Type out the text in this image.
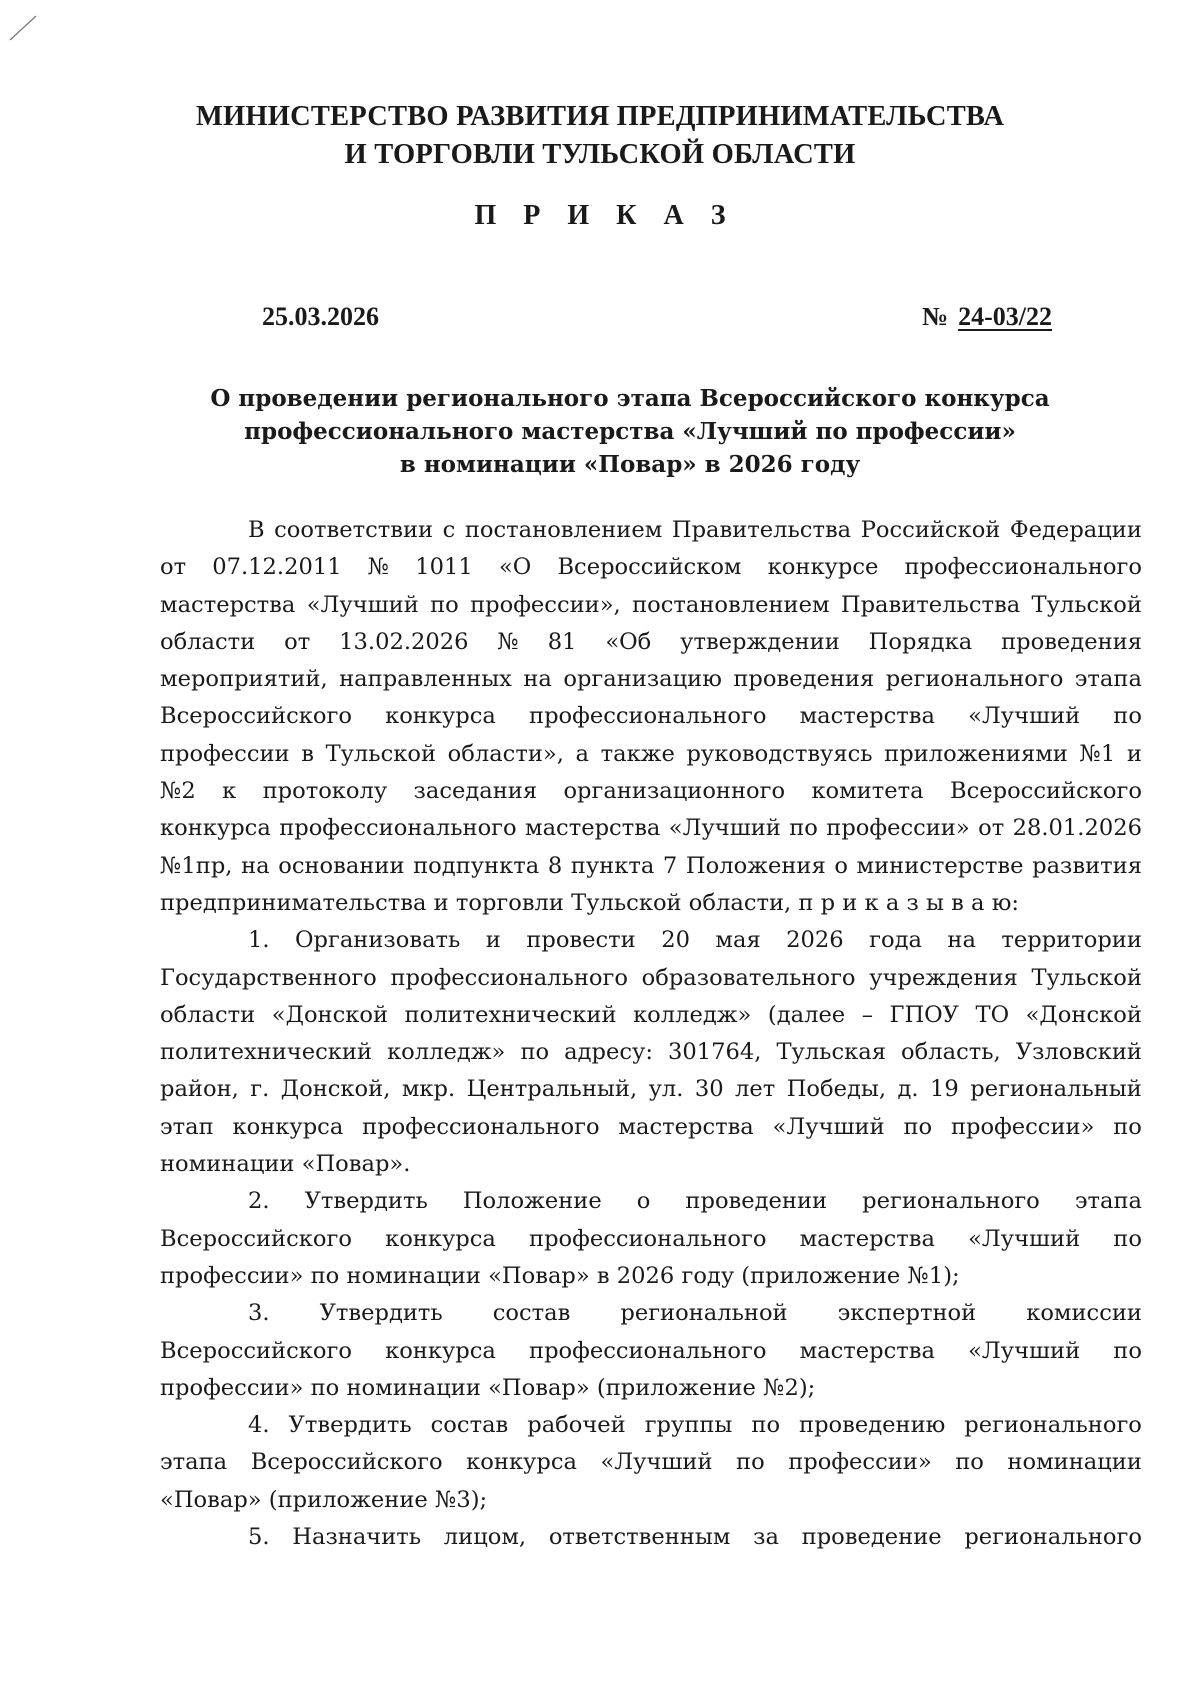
МИНИСТЕРСТВО РАЗВИТИЯ ПРЕДПРИНИМАТЕЛЬСТВА
И ТОРГОВЛИ ТУЛЬСКОЙ ОБЛАСТИ
П Р И К А З
25.03.2026	№ 24-03/22
О проведении регионального этапа Всероссийского конкурса
профессионального мастерства «Лучший по профессии»
в номинации «Повар» в 2026 году
В соответствии с постановлением Правительства Российской Федерации
от 07.12.2011 № 1011 «О Всероссийском конкурсе профессионального
мастерства «Лучший по профессии», постановлением Правительства Тульской
области от 13.02.2026 № 81 «Об утверждении Порядка проведения
мероприятий, направленных на организацию проведения регионального этапа
Всероссийского конкурса профессионального мастерства «Лучший по
профессии в Тульской области», а также руководствуясь приложениями №1 и
№2 к протоколу заседания организационного комитета Всероссийского
конкурса профессионального мастерства «Лучший по профессии» от 28.01.2026
№1пр, на основании подпункта 8 пункта 7 Положения о министерстве развития
предпринимательства и торговли Тульской области,
п р и к а з ы в а ю:
1. Организовать и провести 20 мая 2026 года на территории
Государственного профессионального образовательного учреждения Тульской
области «Донской политехнический колледж» (далее – ГПОУ ТО «Донской
политехнический колледж» по адресу: 301764, Тульская область, Узловский
район, г. Донской, мкр. Центральный, ул. 30 лет Победы, д. 19 региональный
этап конкурса профессионального мастерства «Лучший по профессии» по
номинации «Повар».
2. Утвердить Положение о проведении регионального этапа
Всероссийского конкурса профессионального мастерства «Лучший по
профессии» по номинации «Повар» в 2026 году (приложение №1);
3. Утвердить состав региональной экспертной комиссии
Всероссийского конкурса профессионального мастерства «Лучший по
профессии» по номинации «Повар» (приложение №2);
4. Утвердить состав рабочей группы по проведению регионального
этапа Всероссийского конкурса «Лучший по профессии» по номинации
«Повар» (приложение №3);
5. Назначить лицом, ответственным за проведение регионального
